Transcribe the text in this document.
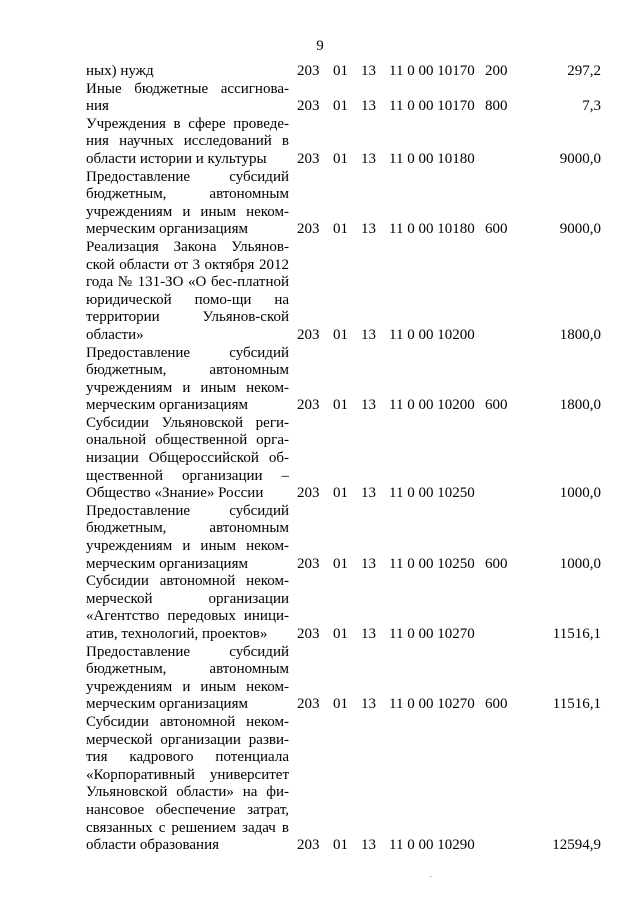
9
ных) нужд	203	01	13	11 0 00 10170	200	297,2
Иные бюджетные ассигнова-ния	203	01	13	11 0 00 10170	800	7,3
Учреждения в сфере проведе-ния научных исследований в области истории и культуры	203	01	13	11 0 00 10180		9000,0
Предоставление субсидий бюджетным, автономным учреждениям и иным неком-мерческим организациям	203	01	13	11 0 00 10180	600	9000,0
Реализация Закона Ульянов-ской области от 3 октября 2012 года № 131-ЗО «О бес-платной юридической помо-щи на территории Ульянов-ской области»	203	01	13	11 0 00 10200		1800,0
Предоставление субсидий бюджетным, автономным учреждениям и иным неком-мерческим организациям	203	01	13	11 0 00 10200	600	1800,0
Субсидии Ульяновской реги-ональной общественной орга-низации Общероссийской об-щественной организации – Общество «Знание» России	203	01	13	11 0 00 10250		1000,0
Предоставление субсидий бюджетным, автономным учреждениям и иным неком-мерческим организациям	203	01	13	11 0 00 10250	600	1000,0
Субсидии автономной неком-мерческой организации «Агентство передовых иници-атив, технологий, проектов»	203	01	13	11 0 00 10270		11516,1
Предоставление субсидий бюджетным, автономным учреждениям и иным неком-мерческим организациям	203	01	13	11 0 00 10270	600	11516,1
Субсидии автономной неком-мерческой организации разви-тия кадрового потенциала «Корпоративный университет Ульяновской области» на фи-нансовое обеспечение затрат, связанных с решением задач в области образования	203	01	13	11 0 00 10290		12594,9
